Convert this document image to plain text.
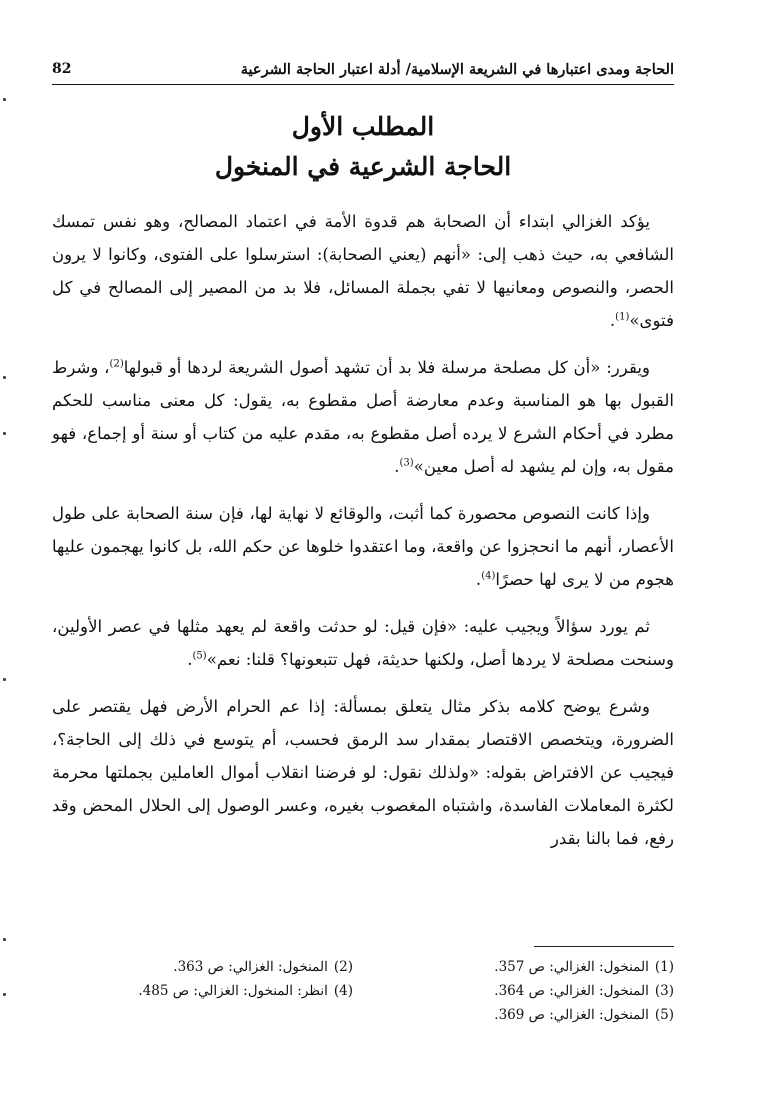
الحاجة ومدى اعتبارها في الشريعة الإسلامية/ أدلة اعتبار الحاجة الشرعية
82
المطلب الأول
الحاجة الشرعية في المنخول

يؤكد الغزالي ابتداء أن الصحابة هم قدوة الأمة في اعتماد المصالح، وهو نفس تمسك الشافعي به، حيث ذهب إلى: «أنهم (يعني الصحابة): استرسلوا على الفتوى، وكانوا لا يرون الحصر، والنصوص ومعانيها لا تفي بجملة المسائل، فلا بد من المصير إلى المصالح في كل فتوى»$^{(1)}$.

ويقرر: «أن كل مصلحة مرسلة فلا بد أن تشهد أصول الشريعة لردها أو قبولها$^{(2)}$، وشرط القبول بها هو المناسبة وعدم معارضة أصل مقطوع به، يقول: كل معنى مناسب للحكم مطرد في أحكام الشرع لا يرده أصل مقطوع به، مقدم عليه من كتاب أو سنة أو إجماع، فهو مقول به، وإن لم يشهد له أصل معين»$^{(3)}$.

وإذا كانت النصوص محصورة كما أثبت، والوقائع لا نهاية لها، فإن سنة الصحابة على طول الأعصار، أنهم ما انحجزوا عن واقعة، وما اعتقدوا خلوها عن حكم الله، بل كانوا يهجمون عليها هجوم من لا يرى لها حصرًا$^{(4)}$.

ثم يورد سؤالاً ويجيب عليه: «فإن قيل: لو حدثت واقعة لم يعهد مثلها في عصر الأولين، وسنحت مصلحة لا يردها أصل، ولكنها حديثة، فهل تتبعونها؟ قلنا: نعم»$^{(5)}$.

وشرع يوضح كلامه بذكر مثال يتعلق بمسألة: إذا عم الحرام الأرض فهل يقتصر على الضرورة، ويتخصص الاقتصار بمقدار سد الرمق فحسب، أم يتوسع في ذلك إلى الحاجة؟، فيجيب عن الافتراض بقوله: «ولذلك نقول: لو فرضنا انقلاب أموال العاملين بجملتها محرمة لكثرة المعاملات الفاسدة، واشتباه المغصوب بغيره، وعسر الوصول إلى الحلال المحض وقد رفع، فما بالنا بقدر

(1)
المنخول: الغزالي: ص 357.
(2)
المنخول: الغزالي: ص 363.
(3)
المنخول: الغزالي: ص 364.
(4)
انظر: المنخول: الغزالي: ص 485.
(5)
المنخول: الغزالي: ص 369.
